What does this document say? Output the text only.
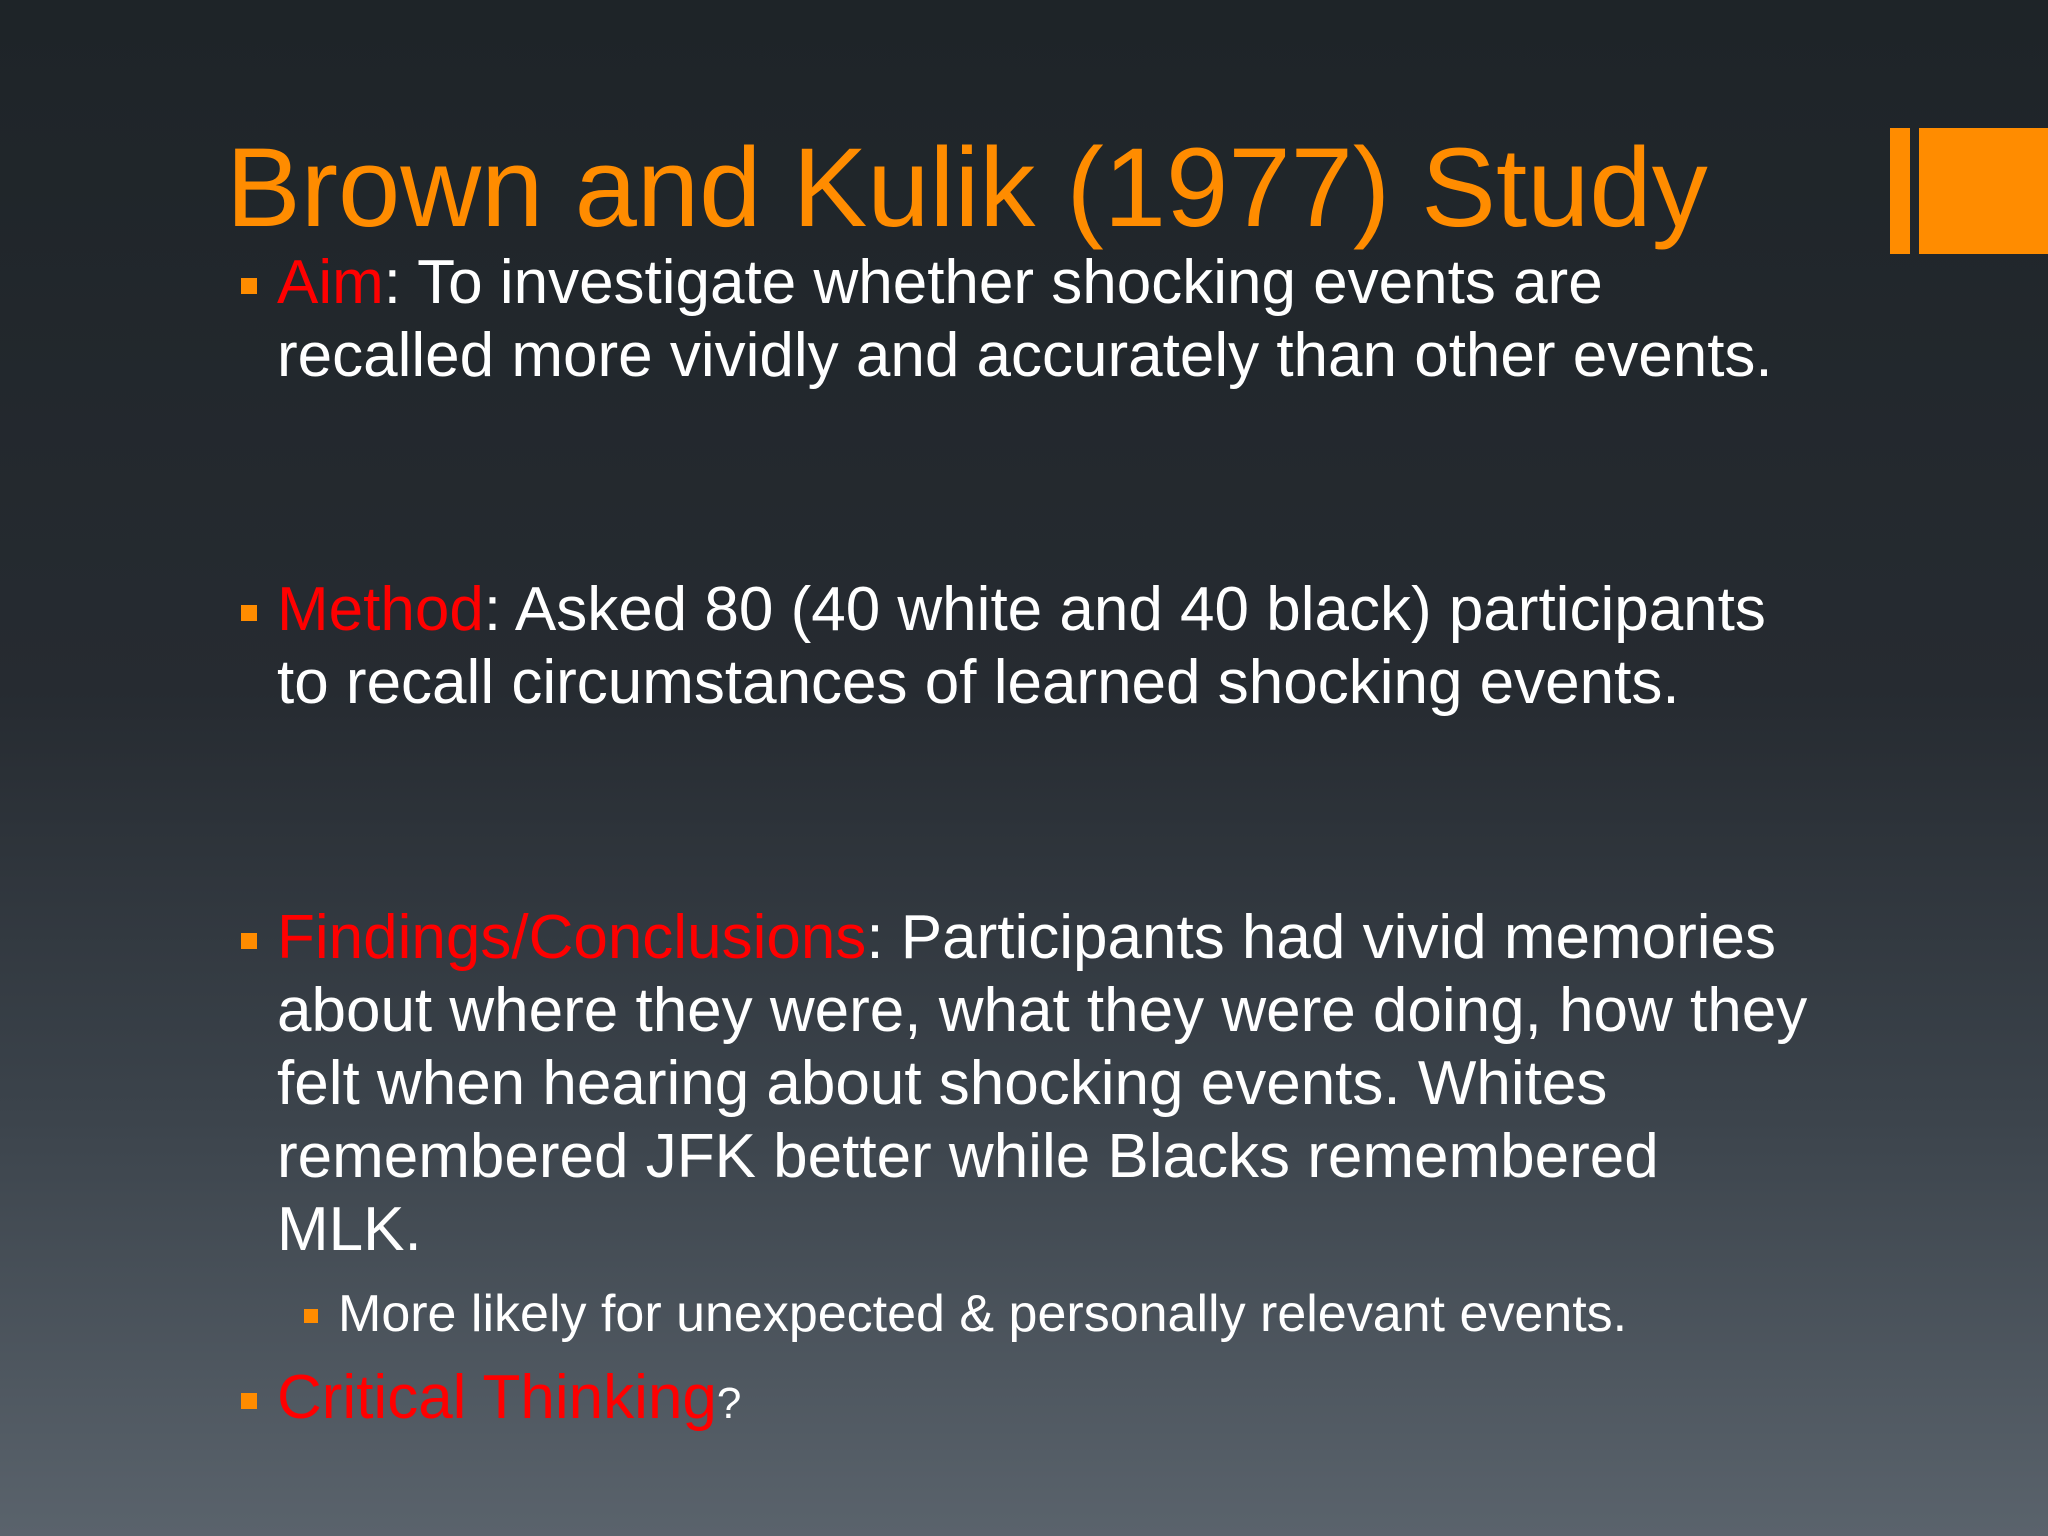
Brown and Kulik (1977) Study
Aim: To investigate whether shocking events are recalled more vividly and accurately than other events.
Method: Asked 80 (40 white and 40 black) participants to recall circumstances of learned shocking events.
Findings/Conclusions: Participants had vivid memories about where they were, what they were doing, how they felt when hearing about shocking events. Whites remembered JFK better while Blacks remembered MLK.
More likely for unexpected & personally relevant events.
Critical Thinking?
